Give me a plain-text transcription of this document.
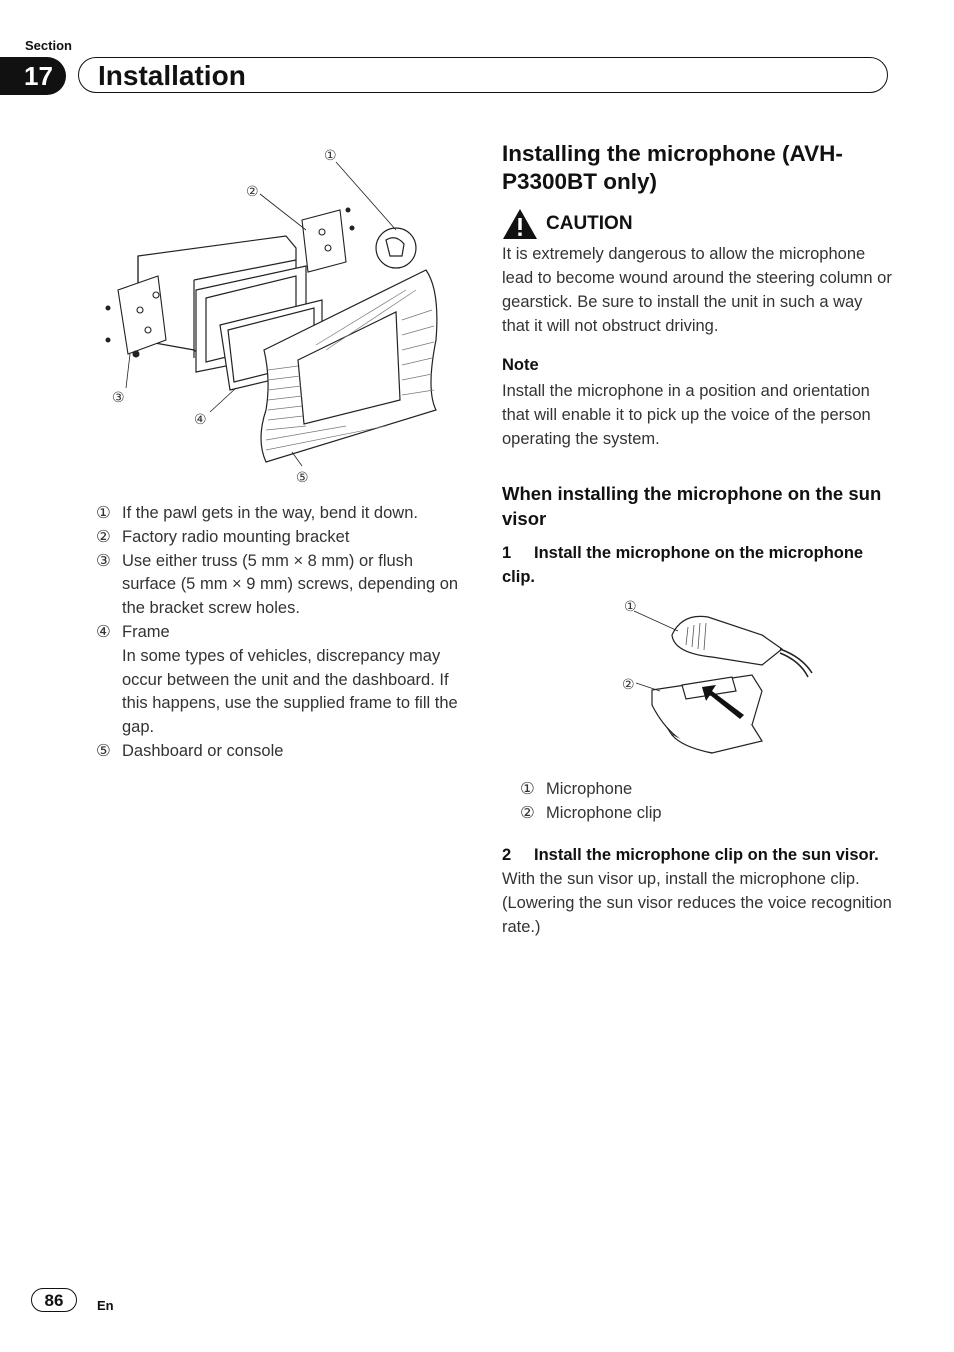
Section
17	Installation
①
②
③
④
⑤
① If the pawl gets in the way, bend it down.
② Factory radio mounting bracket
③ Use either truss (5 mm × 8 mm) or flush surface (5 mm × 9 mm) screws, depending on the bracket screw holes.
④ Frame
In some types of vehicles, discrepancy may occur between the unit and the dashboard. If this happens, use the supplied frame to fill the gap.
⑤ Dashboard or console
Installing the microphone (AVH-P3300BT only)
CAUTION

It is extremely dangerous to allow the microphone lead to become wound around the steering column or gearstick. Be sure to install the unit in such a way that it will not obstruct driving.

Note

Install the microphone in a position and orientation that will enable it to pick up the voice of the person operating the system.

When installing the microphone on the sun visor
1 Install the microphone on the microphone clip.
①
②
① Microphone
② Microphone clip
2 Install the microphone clip on the sun visor.

With the sun visor up, install the microphone clip. (Lowering the sun visor reduces the voice recognition rate.)

86	En
